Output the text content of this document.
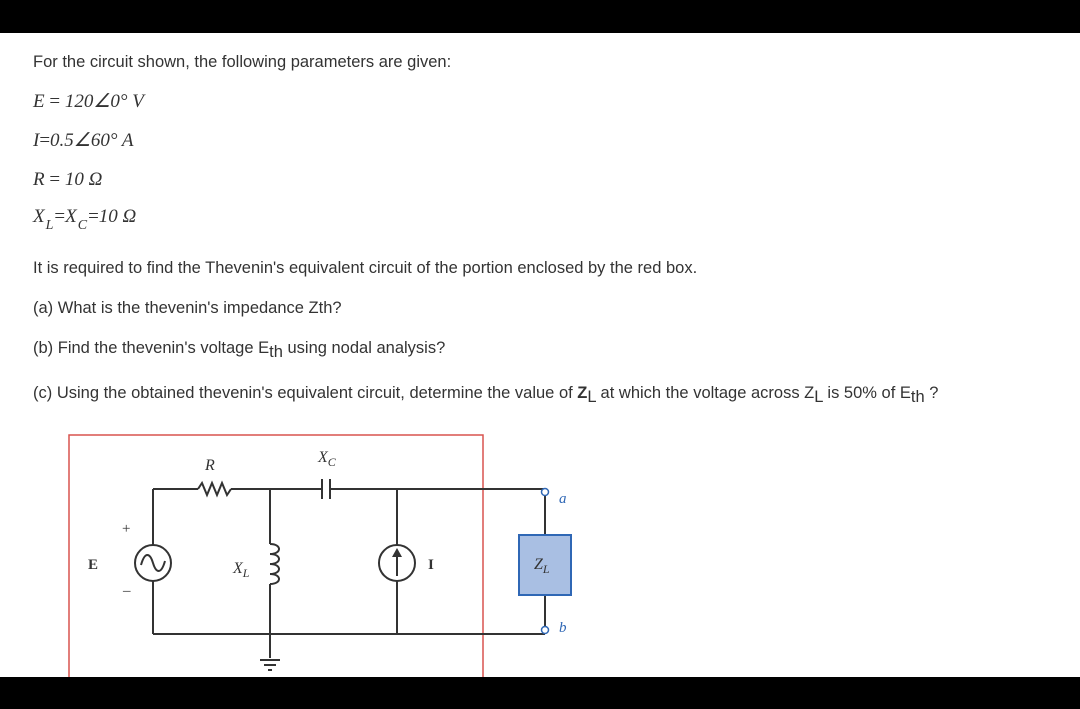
For the circuit shown, the following parameters are given:
E = 120∠0° V
I=0.5∠60° A
R = 10 Ω
$X_L=X_C=10$ Ω
It is required to find the Thevenin's equivalent circuit of the portion enclosed by the red box.
(a) What is the thevenin's impedance Zth?
(b) Find the thevenin's voltage Eth using nodal analysis?
(c) Using the obtained thevenin's equivalent circuit, determine the value of ZL at which the voltage across ZL is 50% of Eth ?
R	$X_C$
$X_L$
E
+
–
I	$Z_L$
a
b
